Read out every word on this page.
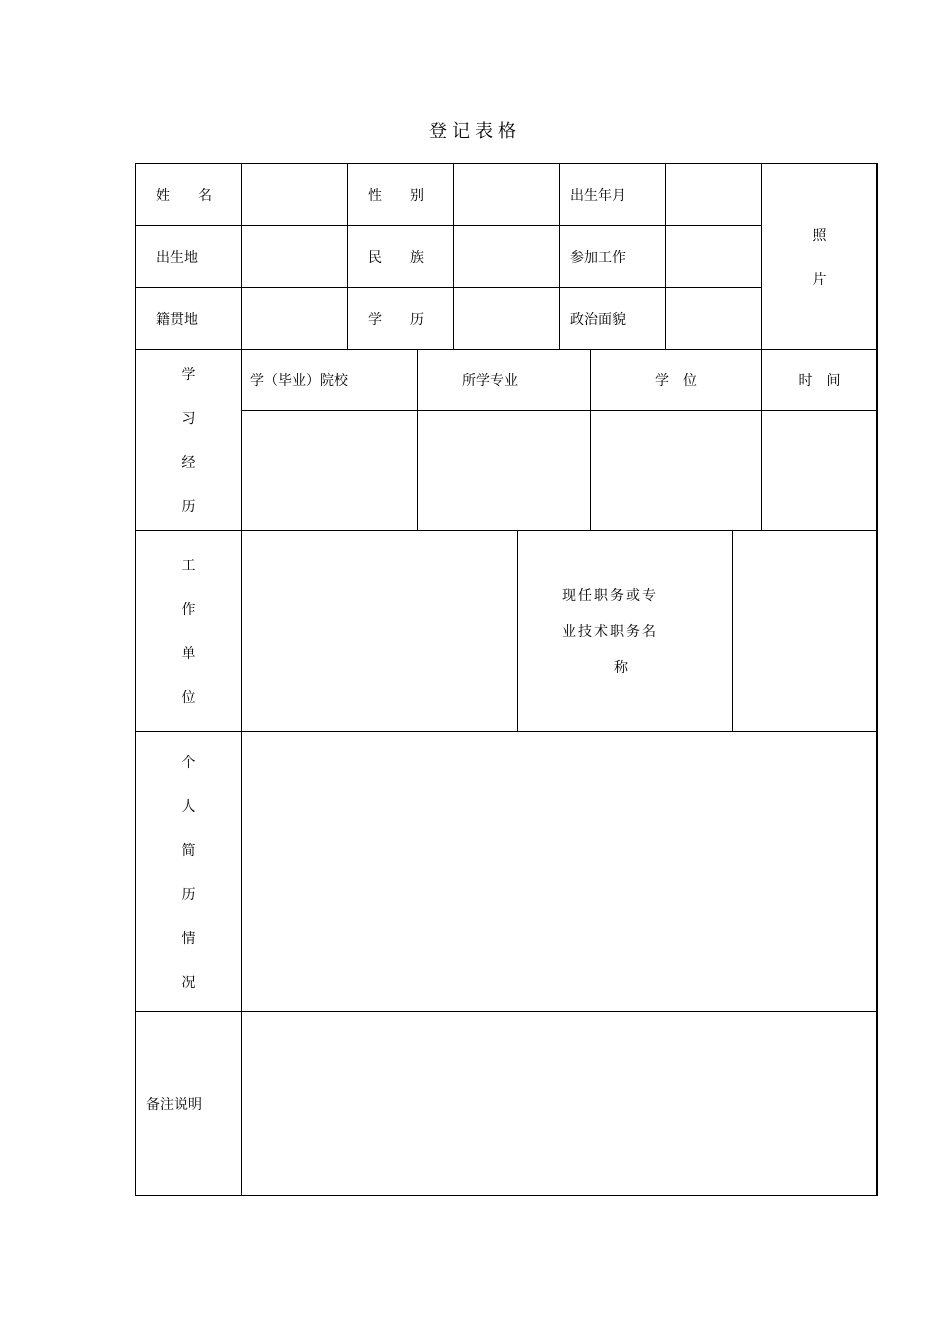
登记表格
姓　　名	性　　别	出生年月
照
片
出生地	民　　族	参加工作
籍贯地	学　　历	政治面貌
学
习
经
历
学（毕业）院校	所学专业	学　位	时　间
工
作
单
位
现任职务或专
业技术职务名
称
个
人
简
历
情
况
备注说明
